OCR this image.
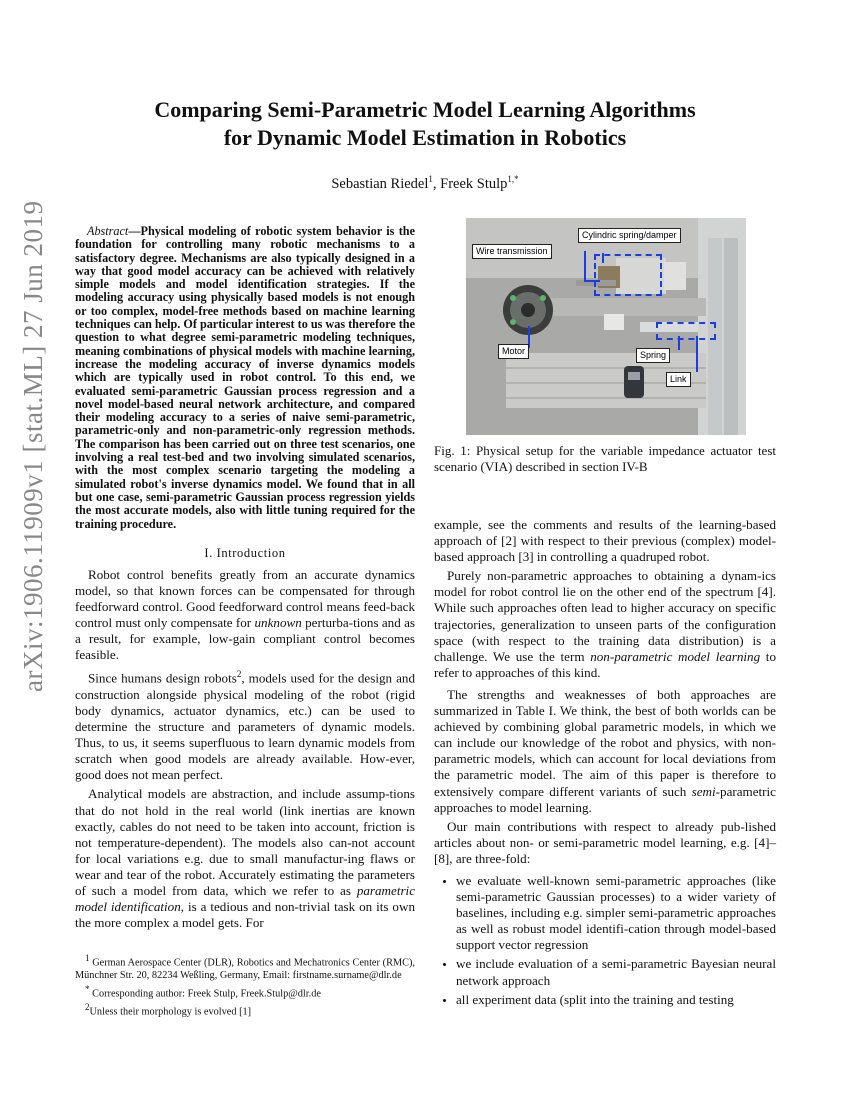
arXiv:1906.11909v1 [stat.ML] 27 Jun 2019
Comparing Semi-Parametric Model Learning Algorithms
for Dynamic Model Estimation in Robotics
Sebastian Riedel$^1$, Freek Stulp$^{1,*}$

Abstract—Physical modeling of robotic system behavior is the foundation for controlling many robotic mechanisms to a satisfactory degree. Mechanisms are also typically designed in a way that good model accuracy can be achieved with relatively simple models and model identification strategies. If the modeling accuracy using physically based models is not enough or too complex, model-free methods based on machine learning techniques can help. Of particular interest to us was therefore the question to what degree semi-parametric modeling techniques, meaning combinations of physical models with machine learning, increase the modeling accuracy of inverse dynamics models which are typically used in robot control. To this end, we evaluated semi-parametric Gaussian process regression and a novel model-based neural network architecture, and compared their modeling accuracy to a series of naive semi-parametric, parametric-only and non-parametric-only regression methods. The comparison has been carried out on three test scenarios, one involving a real test-bed and two involving simulated scenarios, with the most complex scenario targeting the modeling a simulated robot's inverse dynamics model. We found that in all but one case, semi-parametric Gaussian process regression yields the most accurate models, also with little tuning required for the training procedure.

I. Introduction

Robot control benefits greatly from an accurate dynamics model, so that known forces can be compensated for through feedforward control. Good feedforward control means feed-back control must only compensate for unknown perturba-tions and as a result, for example, low-gain compliant control becomes feasible.

Since humans design robots$^2$, models used for the design and construction alongside physical modeling of the robot (rigid body dynamics, actuator dynamics, etc.) can be used to determine the structure and parameters of dynamic models. Thus, to us, it seems superfluous to learn dynamic models from scratch when good models are already available. How-ever, good does not mean perfect.

Analytical models are abstraction, and include assump-tions that do not hold in the real world (link inertias are known exactly, cables do not need to be taken into account, friction is not temperature-dependent). The models also can-not account for local variations e.g. due to small manufactur-ing flaws or wear and tear of the robot. Accurately estimating the parameters of such a model from data, which we refer to as parametric model identification, is a tedious and non-trivial task on its own the more complex a model gets. For

$^1$ German Aerospace Center (DLR), Robotics and Mechatronics Center (RMC), Münchner Str. 20, 82234 Weßling, Germany, Email: firstname.surname@dlr.de

* Corresponding author: Freek Stulp, Freek.Stulp@dlr.de

$^2$Unless their morphology is evolved [1]

Cylindric spring/damper
Wire transmission
Motor	Spring
Link

Fig. 1: Physical setup for the variable impedance actuator test scenario (VIA) described in section IV-B

example, see the comments and results of the learning-based approach of [2] with respect to their previous (complex) model-based approach [3] in controlling a quadruped robot.

Purely non-parametric approaches to obtaining a dynam-ics model for robot control lie on the other end of the spectrum [4]. While such approaches often lead to higher accuracy on specific trajectories, generalization to unseen parts of the configuration space (with respect to the training data distribution) is a challenge. We use the term non-parametric model learning to refer to approaches of this kind.

The strengths and weaknesses of both approaches are summarized in Table I. We think, the best of both worlds can be achieved by combining global parametric models, in which we can include our knowledge of the robot and physics, with non-parametric models, which can account for local deviations from the parametric model. The aim of this paper is therefore to extensively compare different variants of such semi-parametric approaches to model learning.

Our main contributions with respect to already pub-lished articles about non- or semi-parametric model learning, e.g. [4]–[8], are three-fold:

• we evaluate well-known semi-parametric approaches (like semi-parametric Gaussian processes) to a wider variety of baselines, including e.g. simpler semi-parametric approaches as well as robust model identifi-cation through model-based support vector regression
• we include evaluation of a semi-parametric Bayesian neural network approach
• all experiment data (split into the training and testing
